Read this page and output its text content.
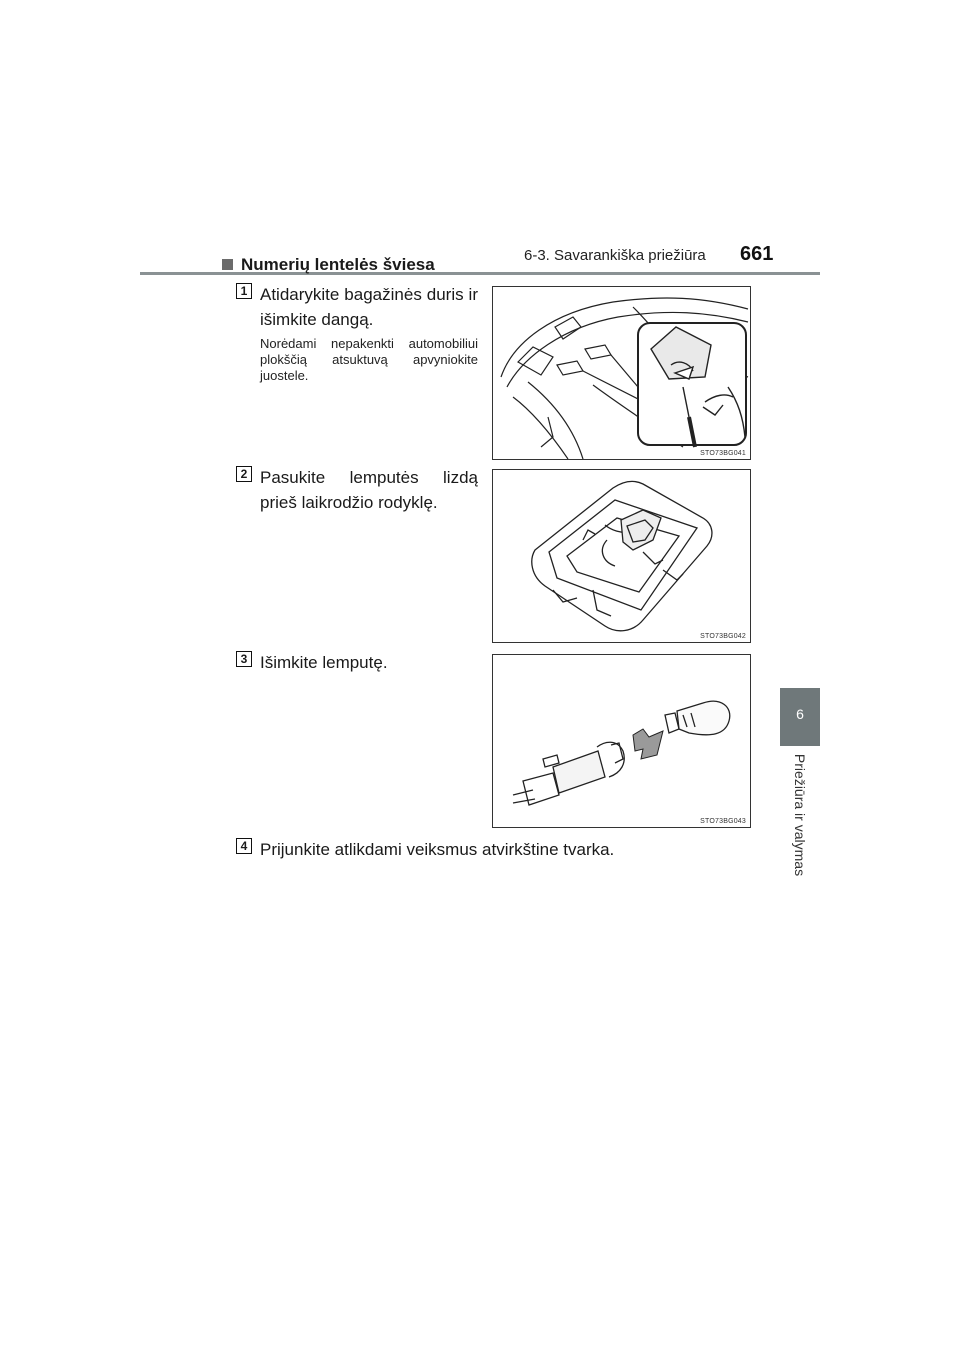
6-3. Savarankiška priežiūra 661
6
Priežiūra ir valymas
Numerių lentelės šviesa
1 Atidarykite bagažinės duris ir išimkite dangą.
Norėdami nepakenkti automobiliui plokščią atsuktuvą apvyniokite juostele.
STO73BG041
2 Pasukite lemputės lizdą prieš laikrodžio rodyklę.
STO73BG042
3 Išimkite lemputę.
STO73BG043
4 Prijunkite atlikdami veiksmus atvirkštine tvarka.
